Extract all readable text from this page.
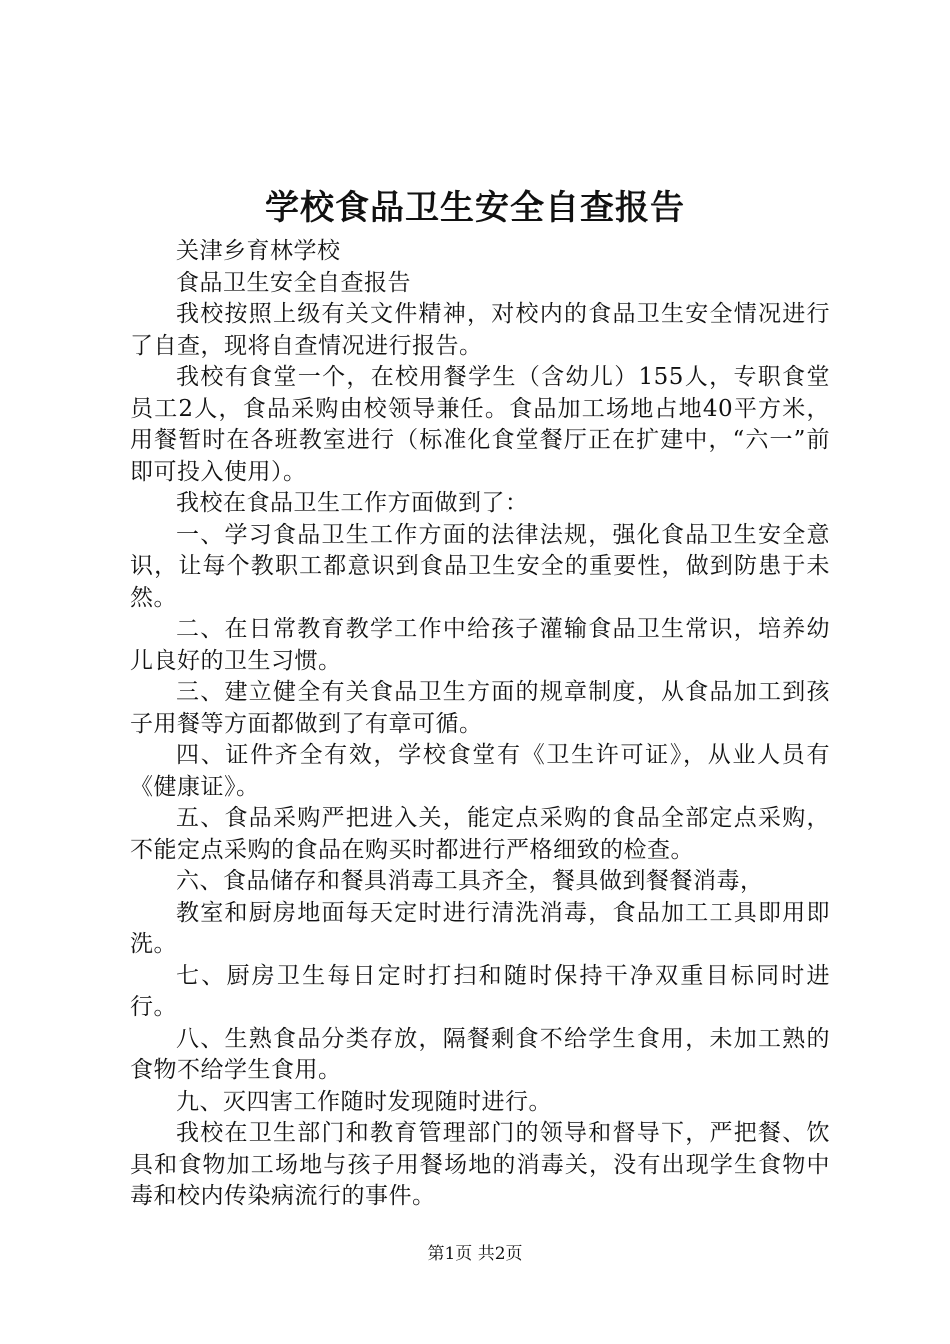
学校食品卫生安全自查报告

关津乡育林学校

食品卫生安全自查报告

我校按照上级有关文件精神，对校内的食品卫生安全情况进行了自查，现将自查情况进行报告。

我校有食堂一个，在校用餐学生（含幼儿）155人，专职食堂员工2人，食品采购由校领导兼任。食品加工场地占地40平方米，用餐暂时在各班教室进行（标准化食堂餐厅正在扩建中，“六一”前即可投入使用）。

我校在食品卫生工作方面做到了：

一、学习食品卫生工作方面的法律法规，强化食品卫生安全意识，让每个教职工都意识到食品卫生安全的重要性，做到防患于未然。

二、在日常教育教学工作中给孩子灌输食品卫生常识，培养幼儿良好的卫生习惯。

三、建立健全有关食品卫生方面的规章制度，从食品加工到孩子用餐等方面都做到了有章可循。

四、证件齐全有效，学校食堂有《卫生许可证》，从业人员有《健康证》。

五、食品采购严把进入关，能定点采购的食品全部定点采购，不能定点采购的食品在购买时都进行严格细致的检查。

六、食品储存和餐具消毒工具齐全，餐具做到餐餐消毒，

教室和厨房地面每天定时进行清洗消毒，食品加工工具即用即洗。

七、厨房卫生每日定时打扫和随时保持干净双重目标同时进行。

八、生熟食品分类存放，隔餐剩食不给学生食用，未加工熟的食物不给学生食用。

九、灭四害工作随时发现随时进行。

我校在卫生部门和教育管理部门的领导和督导下，严把餐、饮具和食物加工场地与孩子用餐场地的消毒关，没有出现学生食物中毒和校内传染病流行的事件。

第1页 共2页
